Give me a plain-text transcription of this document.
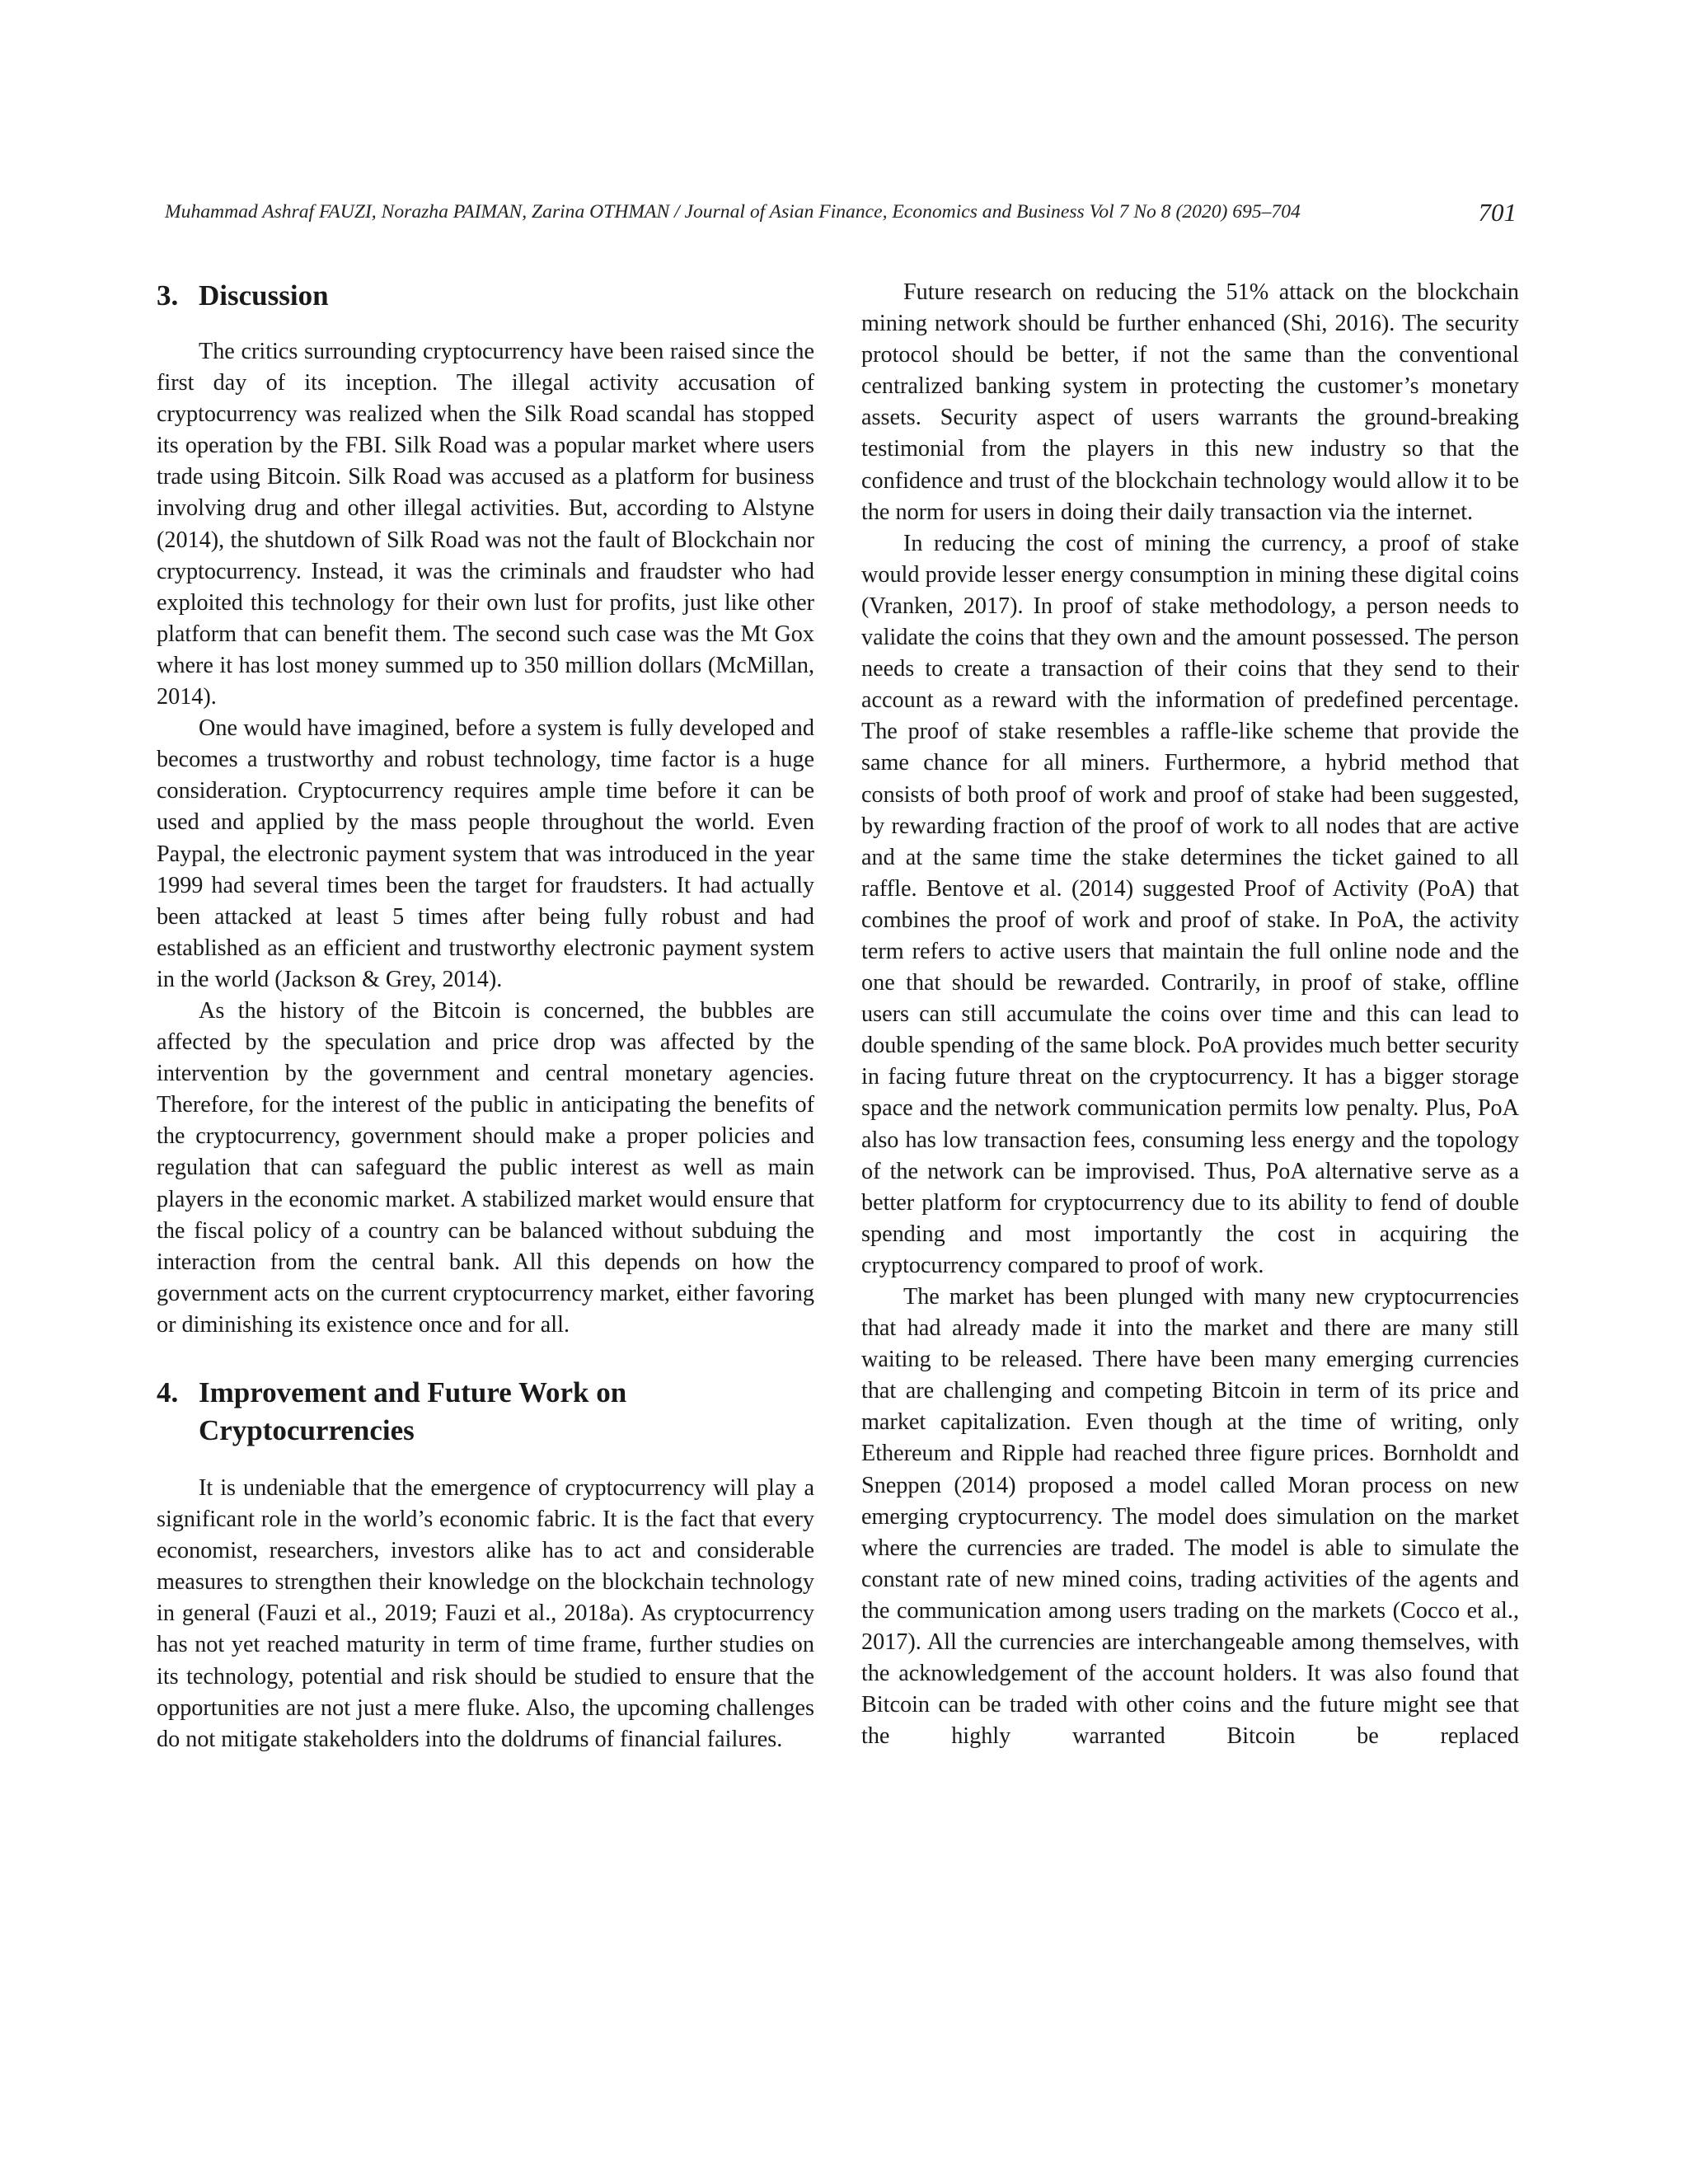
Muhammad Ashraf FAUZI, Norazha PAIMAN, Zarina OTHMAN / Journal of Asian Finance, Economics and Business Vol 7 No 8 (2020) 695–704	701
3. Discussion

The critics surrounding cryptocurrency have been raised since the first day of its inception. The illegal activity accusation of cryptocurrency was realized when the Silk Road scandal has stopped its operation by the FBI. Silk Road was a popular market where users trade using Bitcoin. Silk Road was accused as a platform for business involving drug and other illegal activities. But, according to Alstyne (2014), the shutdown of Silk Road was not the fault of Blockchain nor cryptocurrency. Instead, it was the criminals and fraudster who had exploited this technology for their own lust for profits, just like other platform that can benefit them. The second such case was the Mt Gox where it has lost money summed up to 350 million dollars (McMillan, 2014).

One would have imagined, before a system is fully developed and becomes a trustworthy and robust technology, time factor is a huge consideration. Cryptocurrency requires ample time before it can be used and applied by the mass people throughout the world. Even Paypal, the electronic payment system that was introduced in the year 1999 had several times been the target for fraudsters. It had actually been attacked at least 5 times after being fully robust and had established as an efficient and trustworthy electronic payment system in the world (Jackson & Grey, 2014).

As the history of the Bitcoin is concerned, the bubbles are affected by the speculation and price drop was affected by the intervention by the government and central monetary agencies. Therefore, for the interest of the public in anticipating the benefits of the cryptocurrency, government should make a proper policies and regulation that can safeguard the public interest as well as main players in the economic market. A stabilized market would ensure that the fiscal policy of a country can be balanced without subduing the interaction from the central bank. All this depends on how the government acts on the current cryptocurrency market, either favoring or diminishing its existence once and for all.

4. Improvement and Future Work on Cryptocurrencies

It is undeniable that the emergence of cryptocurrency will play a significant role in the world’s economic fabric. It is the fact that every economist, researchers, investors alike has to act and considerable measures to strengthen their knowledge on the blockchain technology in general (Fauzi et al., 2019; Fauzi et al., 2018a). As cryptocurrency has not yet reached maturity in term of time frame, further studies on its technology, potential and risk should be studied to ensure that the opportunities are not just a mere fluke. Also, the upcoming challenges do not mitigate stakeholders into the doldrums of financial failures.

Future research on reducing the 51% attack on the blockchain mining network should be further enhanced (Shi, 2016). The security protocol should be better, if not the same than the conventional centralized banking system in protecting the customer’s monetary assets. Security aspect of users warrants the ground-breaking testimonial from the players in this new industry so that the confidence and trust of the blockchain technology would allow it to be the norm for users in doing their daily transaction via the internet.

In reducing the cost of mining the currency, a proof of stake would provide lesser energy consumption in mining these digital coins (Vranken, 2017). In proof of stake methodology, a person needs to validate the coins that they own and the amount possessed. The person needs to create a transaction of their coins that they send to their account as a reward with the information of predefined percentage. The proof of stake resembles a raffle-like scheme that provide the same chance for all miners. Furthermore, a hybrid method that consists of both proof of work and proof of stake had been suggested, by rewarding fraction of the proof of work to all nodes that are active and at the same time the stake determines the ticket gained to all raffle. Bentove et al. (2014) suggested Proof of Activity (PoA) that combines the proof of work and proof of stake. In PoA, the activity term refers to active users that maintain the full online node and the one that should be rewarded. Contrarily, in proof of stake, offline users can still accumulate the coins over time and this can lead to double spending of the same block. PoA provides much better security in facing future threat on the cryptocurrency. It has a bigger storage space and the network communication permits low penalty. Plus, PoA also has low transaction fees, consuming less energy and the topology of the network can be improvised. Thus, PoA alternative serve as a better platform for cryptocurrency due to its ability to fend of double spending and most importantly the cost in acquiring the cryptocurrency compared to proof of work.

The market has been plunged with many new cryptocurrencies that had already made it into the market and there are many still waiting to be released. There have been many emerging currencies that are challenging and competing Bitcoin in term of its price and market capitalization. Even though at the time of writing, only Ethereum and Ripple had reached three figure prices. Bornholdt and Sneppen (2014) proposed a model called Moran process on new emerging cryptocurrency. The model does simulation on the market where the currencies are traded. The model is able to simulate the constant rate of new mined coins, trading activities of the agents and the communication among users trading on the markets (Cocco et al., 2017). All the currencies are interchangeable among themselves, with the acknowledgement of the account holders. It was also found that Bitcoin can be traded with other coins and the future might see that the highly warranted Bitcoin be replaced
